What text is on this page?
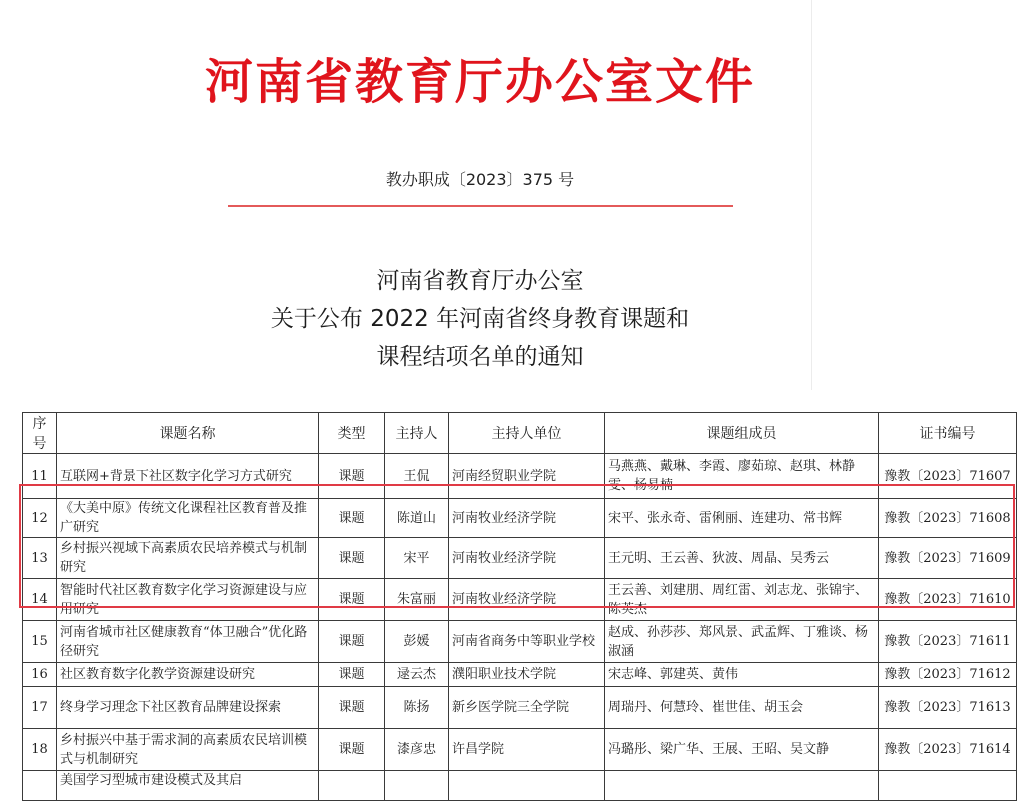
河南省教育厅办公室文件
教办职成〔2023〕375 号
河南省教育厅办公室
关于公布 2022 年河南省终身教育课题和
课程结项名单的通知
序号	课题名称	类型	主持人	主持人单位	课题组成员	证书编号
11	互联网+背景下社区数字化学习方式研究	课题	王侃	河南经贸职业学院	马燕燕、戴琳、李霞、廖茹琼、赵琪、林静雯、杨易楠	豫教〔2023〕71607
12	《大美中原》传统文化课程社区教育普及推广研究	课题	陈道山	河南牧业经济学院	宋平、张永奇、雷俐丽、连建功、常书辉	豫教〔2023〕71608
13	乡村振兴视域下高素质农民培养模式与机制研究	课题	宋平	河南牧业经济学院	王元明、王云善、狄波、周晶、吴秀云	豫教〔2023〕71609
14	智能时代社区教育数字化学习资源建设与应用研究	课题	朱富丽	河南牧业经济学院	王云善、刘建朋、周红雷、刘志龙、张锦宇、陈英杰	豫教〔2023〕71610
15	河南省城市社区健康教育“体卫融合”优化路径研究	课题	彭媛	河南省商务中等职业学校	赵成、孙莎莎、郑风景、武孟辉、丁雅谈、杨淑涵	豫教〔2023〕71611
16	社区教育数字化教学资源建设研究	课题	逯云杰	濮阳职业技术学院	宋志峰、郭建英、黄伟	豫教〔2023〕71612
17	终身学习理念下社区教育品牌建设探索	课题	陈扬	新乡医学院三全学院	周瑞丹、何慧玲、崔世佳、胡玉会	豫教〔2023〕71613
18	乡村振兴中基于需求洞的高素质农民培训模式与机制研究	课题	漆彦忠	许昌学院	冯璐彤、梁广华、王展、王昭、吴文静	豫教〔2023〕71614
	美国学习型城市建设模式及其启					
